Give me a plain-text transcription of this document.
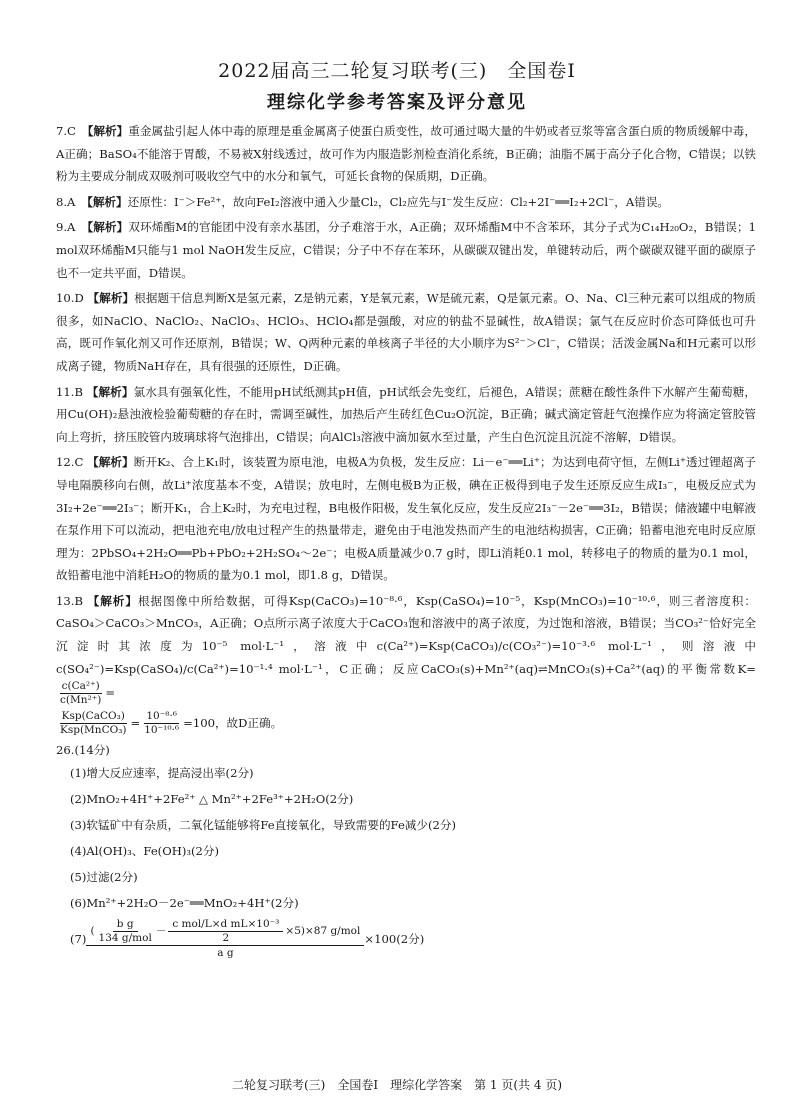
2022届高三二轮复习联考(三)　全国卷Ⅰ
理综化学参考答案及评分意见

7.C　 【解析】重金属盐引起人体中毒的原理是重金属离子使蛋白质变性，故可通过喝大量的牛奶或者豆浆等富含蛋白质的物质缓解中毒，A正确；BaSO₄不能溶于胃酸，不易被X射线透过，故可作为内服造影剂检查消化系统，B正确；油脂不属于高分子化合物，C错误；以铁粉为主要成分制成双吸剂可吸收空气中的水分和氧气，可延长食物的保质期，D正确。

8.A　 【解析】还原性：I⁻＞Fe²⁺，故向FeI₂溶液中通入少量Cl₂，Cl₂应先与I⁻发生反应：Cl₂+2I⁻══I₂+2Cl⁻，A错误。

9.A　 【解析】双环烯酯M的官能团中没有亲水基团，分子难溶于水，A正确；双环烯酯M中不含苯环，其分子式为C₁₄H₂₀O₂，B错误；1 mol双环烯酯M只能与1 mol NaOH发生反应，C错误；分子中不存在苯环，从碳碳双键出发，单键转动后，两个碳碳双键平面的碳原子也不一定共平面，D错误。

10.D 【解析】根据题干信息判断X是氢元素，Z是钠元素，Y是氧元素，W是硫元素，Q是氯元素。O、Na、Cl三种元素可以组成的物质很多，如NaClO、NaClO₂、NaClO₃、HClO₃、HClO₄都是强酸，对应的钠盐不显碱性，故A错误；氯气在反应时价态可降低也可升高，既可作氧化剂又可作还原剂，B错误；W、Q两种元素的单核离子半径的大小顺序为S²⁻＞Cl⁻，C错误；活泼金属Na和H元素可以形成离子键，物质NaH存在，具有很强的还原性，D正确。

11.B 【解析】氯水具有强氧化性，不能用pH试纸测其pH值，pH试纸会先变红，后褪色，A错误；蔗糖在酸性条件下水解产生葡萄糖，用Cu(OH)₂悬浊液检验葡萄糖的存在时，需调至碱性，加热后产生砖红色Cu₂O沉淀，B正确；碱式滴定管赶气泡操作应为将滴定管胶管向上弯折，挤压胶管内玻璃球将气泡排出，C错误；向AlCl₃溶液中滴加氨水至过量，产生白色沉淀且沉淀不溶解，D错误。

12.C 【解析】断开K₂、合上K₁时，该装置为原电池，电极A为负极，发生反应：Li－e⁻══Li⁺；为达到电荷守恒，左侧Li⁺透过锂超离子导电隔膜移向右侧，故Li⁺浓度基本不变，A错误；放电时，左侧电极B为正极，碘在正极得到电子发生还原反应生成I₃⁻，电极反应式为3I₂+2e⁻══2I₃⁻；断开K₁，合上K₂时，为充电过程，B电极作阳极，发生氧化反应，发生反应2I₃⁻－2e⁻══3I₂，B错误；储液罐中电解液在泵作用下可以流动，把电池充电/放电过程产生的热量带走，避免由于电池发热而产生的电池结构损害，C正确；铅蓄电池充电时反应原理为：2PbSO₄+2H₂O══Pb+PbO₂+2H₂SO₄～2e⁻；电极A质量减少0.7 g时，即Li消耗0.1 mol，转移电子的物质的量为0.1 mol，故铅蓄电池中消耗H₂O的物质的量为0.1 mol，即1.8 g，D错误。

13.B 【解析】根据图像中所给数据，可得Ksp(CaCO₃)=10⁻⁸·⁶，Ksp(CaSO₄)=10⁻⁵，Ksp(MnCO₃)=10⁻¹⁰·⁶，则三者溶度积：CaSO₄＞CaCO₃＞MnCO₃，A正确；O点所示离子浓度大于CaCO₃饱和溶液中的离子浓度，为过饱和溶液，B错误；当CO₃²⁻恰好完全沉淀时其浓度为10⁻⁵ mol·L⁻¹，溶液中c(Ca²⁺)=Ksp(CaCO₃)/c(CO₃²⁻)=10⁻³·⁶ mol·L⁻¹，则溶液中c(SO₄²⁻)=Ksp(CaSO₄)/c(Ca²⁺)=10⁻¹·⁴ mol·L⁻¹，C正确；反应CaCO₃(s)+Mn²⁺(aq)⇌MnCO₃(s)+Ca²⁺(aq)的平衡常数K=
$\frac{\text{c(Ca²⁺)}}{\text{c(Mn²⁺)}}$ =

$\frac{\text{Ksp(CaCO₃)}}{\text{Ksp(MnCO₃)}} = \frac{\text{10⁻⁸·⁶}}{\text{10⁻¹⁰·⁶}} =100$，故D正确。
26.(14分)
(1)增大反应速率，提高浸出率(2分)
(2)MnO₂+4H⁺+2Fe²⁺ △ Mn²⁺+2Fe³⁺+2H₂O(2分)
(3)软锰矿中有杂质，二氧化锰能够将Fe直接氧化，导致需要的Fe减少(2分)
(4)Al(OH)₃、Fe(OH)₃(2分)
(5)过滤(2分)
(6)Mn²⁺+2H₂O－2e⁻══MnO₂+4H⁺(2分)
$(7) \frac{( \frac{\text{b g}}{\text{134 g/mol}} - \frac{\text{c mol/L×d mL×10⁻³}}{2} \times 5)\times 87 g/mol}{\text{a g}} \times 100(2$分)
二轮复习联考(三)　全国卷Ⅰ　理综化学答案　第 1 页(共 4 页)
